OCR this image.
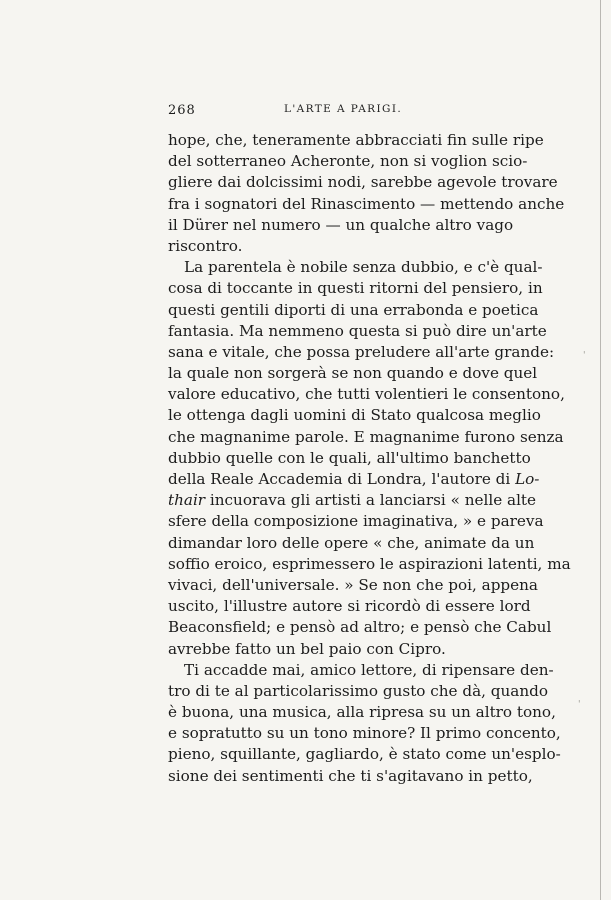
'
'
268	L'ARTE A PARIGI.
hope, che, teneramente abbracciati fin sulle ripe
del sotterraneo Acheronte, non si voglion scio-
gliere dai dolcissimi nodi, sarebbe agevole trovare
fra i sognatori del Rinascimento — mettendo anche
il Dürer nel numero — un qualche altro vago
riscontro.
La parentela è nobile senza dubbio, e c'è qual-
cosa di toccante in questi ritorni del pensiero, in
questi gentili diporti di una errabonda e poetica
fantasia. Ma nemmeno questa si può dire un'arte
sana e vitale, che possa preludere all'arte grande:
la quale non sorgerà se non quando e dove quel
valore educativo, che tutti volentieri le consentono,
le ottenga dagli uomini di Stato qualcosa meglio
che magnanime parole. E magnanime furono senza
dubbio quelle con le quali, all'ultimo banchetto
della Reale Accademia di Londra, l'autore di Lo-
thair incuorava gli artisti a lanciarsi « nelle alte
sfere della composizione imaginativa, » e pareva
dimandar loro delle opere « che, animate da un
soffio eroico, esprimessero le aspirazioni latenti, ma
vivaci, dell'universale. » Se non che poi, appena
uscito, l'illustre autore si ricordò di essere lord
Beaconsfield; e pensò ad altro; e pensò che Cabul
avrebbe fatto un bel paio con Cipro.
Ti accadde mai, amico lettore, di ripensare den-
tro di te al particolarissimo gusto che dà, quando
è buona, una musica, alla ripresa su un altro tono,
e sopratutto su un tono minore? Il primo concento,
pieno, squillante, gagliardo, è stato come un'esplo-
sione dei sentimenti che ti s'agitavano in petto,
